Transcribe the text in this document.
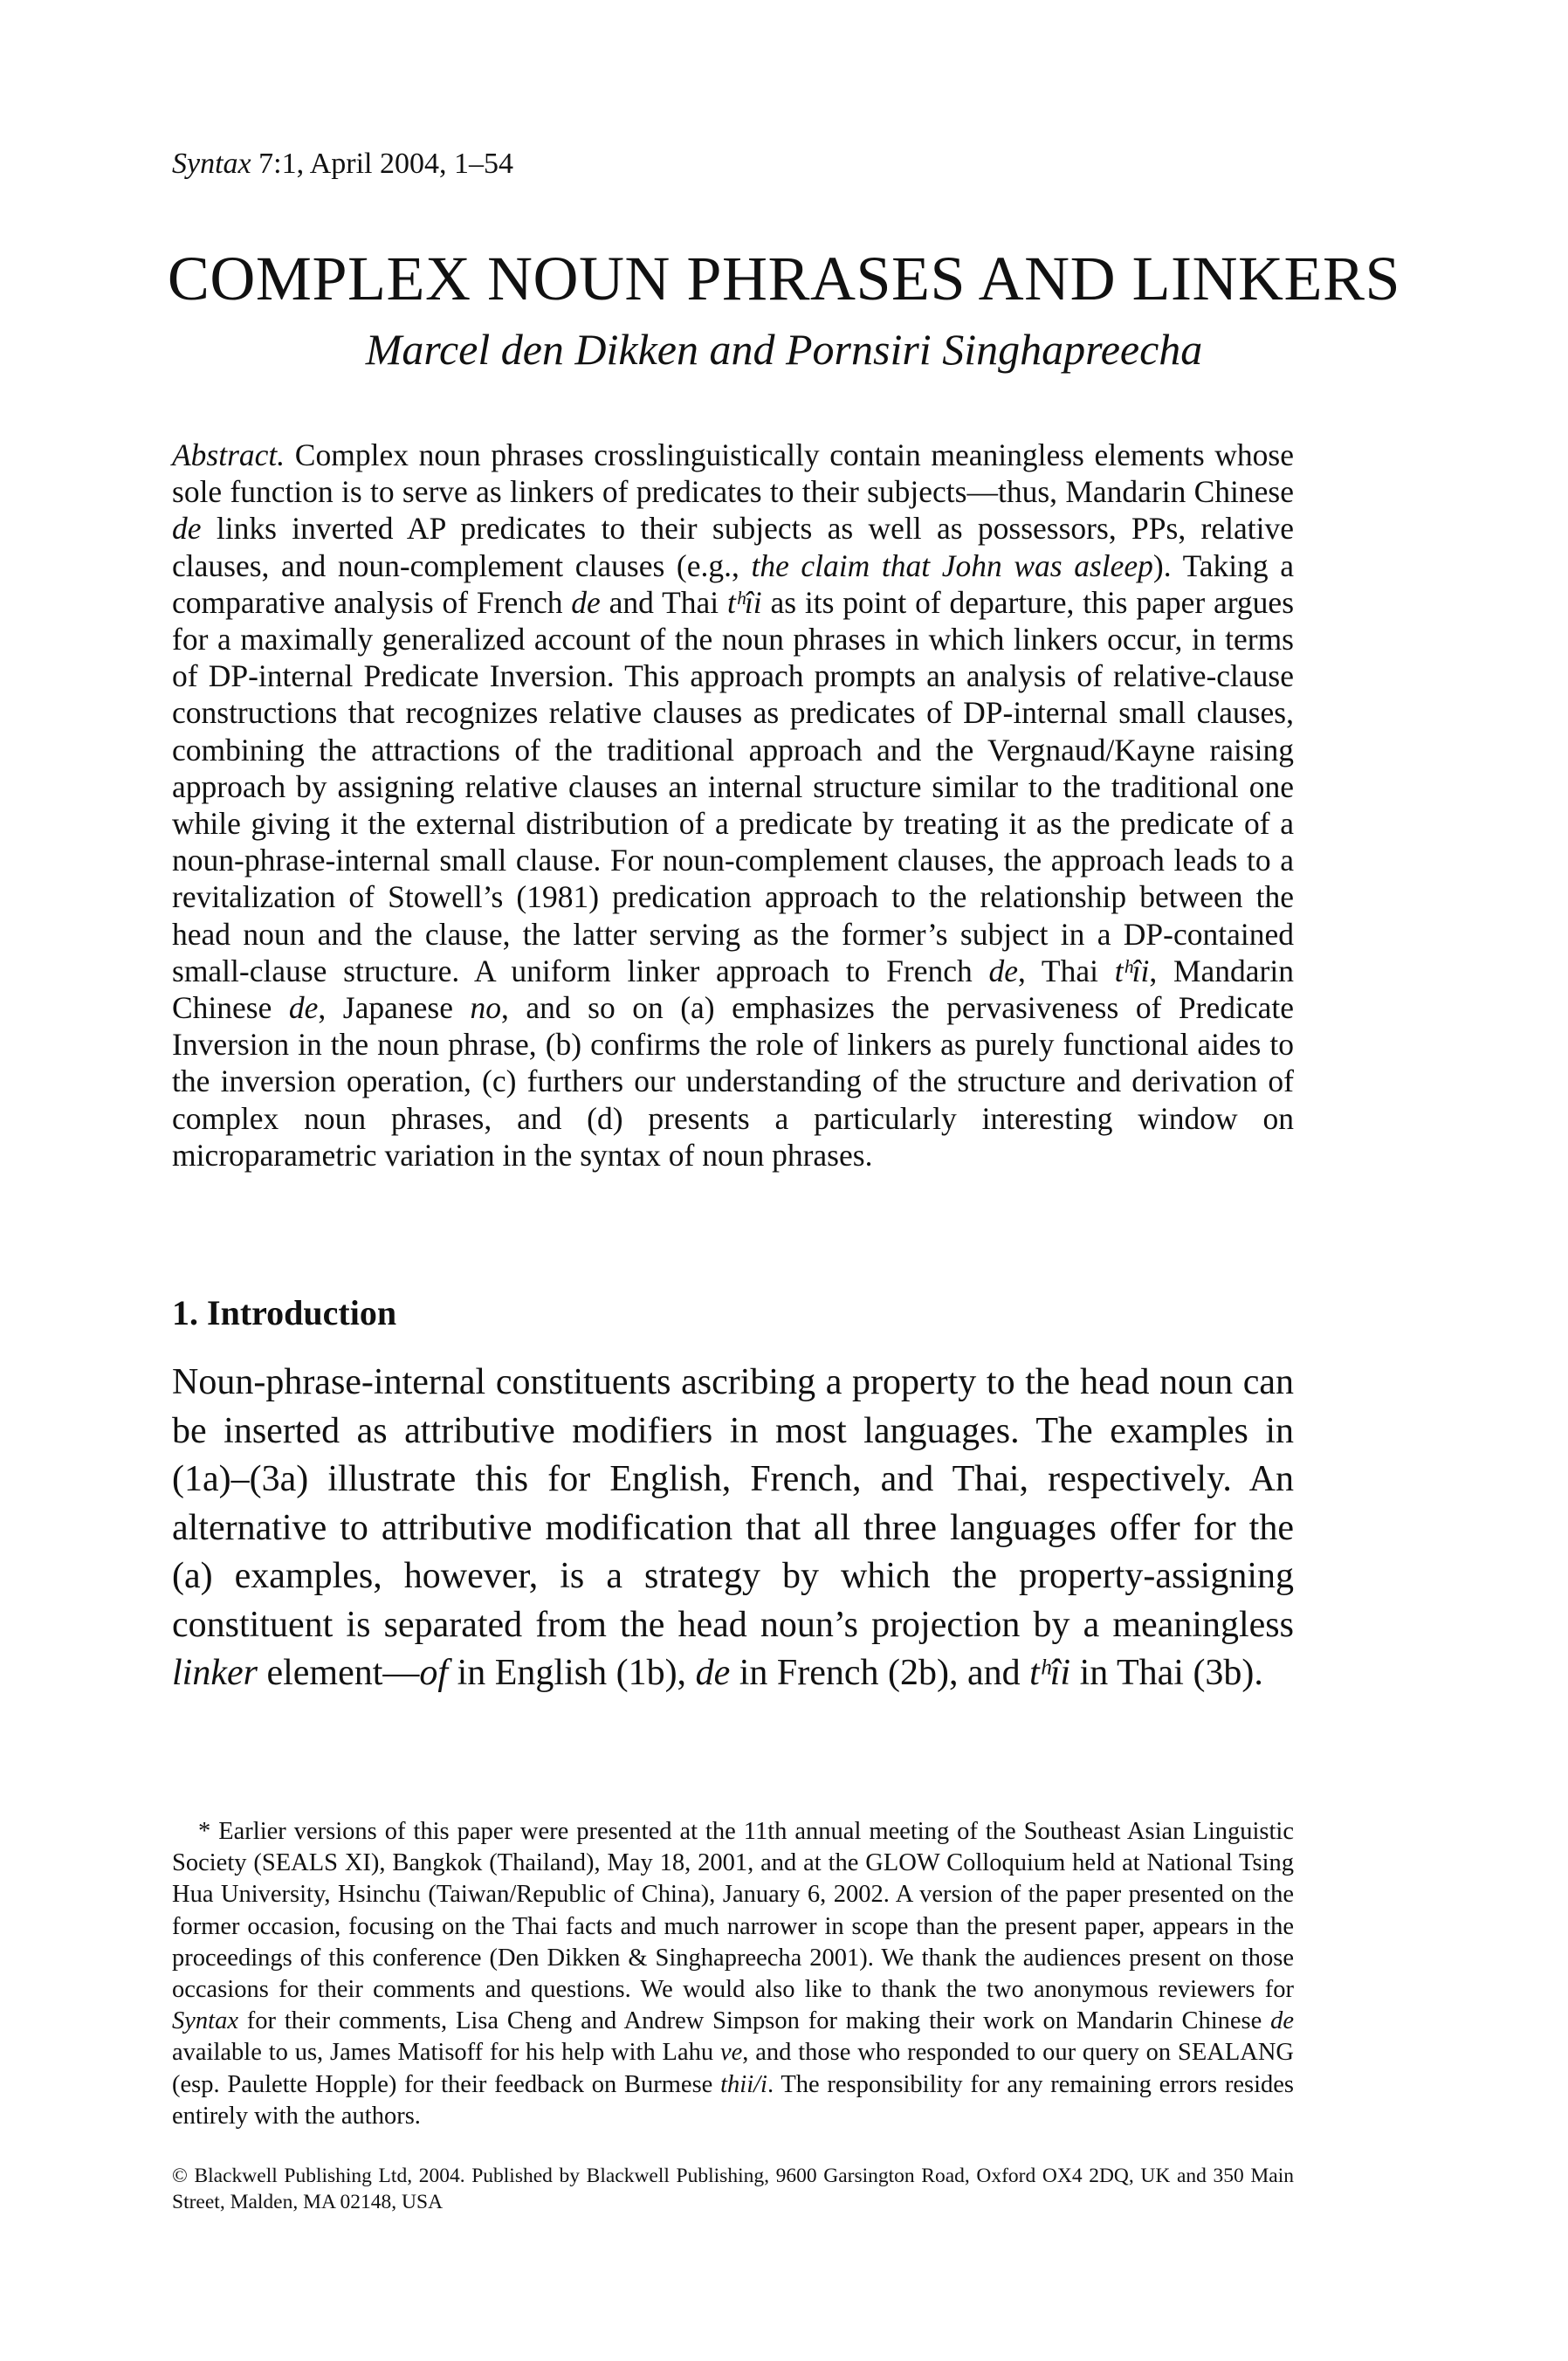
Syntax 7:1, April 2004, 1–54
COMPLEX NOUN PHRASES AND LINKERS
Marcel den Dikken and Pornsiri Singhapreecha

Abstract. Complex noun phrases crosslinguistically contain meaningless elements whose sole function is to serve as linkers of predicates to their subjects—thus, Mandarin Chinese de links inverted AP predicates to their subjects as well as possessors, PPs, relative clauses, and noun-complement clauses (e.g., the claim that John was asleep). Taking a comparative analysis of French de and Thai tʰîi as its point of departure, this paper argues for a maximally generalized account of the noun phrases in which linkers occur, in terms of DP-internal Predicate Inversion. This approach prompts an analysis of relative-clause constructions that recognizes relative clauses as predicates of DP-internal small clauses, combining the attractions of the traditional approach and the Vergnaud/Kayne raising approach by assigning relative clauses an internal structure similar to the traditional one while giving it the external distribution of a predicate by treating it as the predicate of a noun-phrase-internal small clause. For noun-complement clauses, the approach leads to a revitalization of Stowell’s (1981) predication approach to the relationship between the head noun and the clause, the latter serving as the former’s subject in a DP-contained small-clause structure. A uniform linker approach to French de, Thai tʰîi, Mandarin Chinese de, Japanese no, and so on (a) emphasizes the pervasiveness of Predicate Inversion in the noun phrase, (b) confirms the role of linkers as purely functional aides to the inversion operation, (c) furthers our understanding of the structure and derivation of complex noun phrases, and (d) presents a particularly interesting window on microparametric variation in the syntax of noun phrases.

1. Introduction

Noun-phrase-internal constituents ascribing a property to the head noun can be inserted as attributive modifiers in most languages. The examples in (1a)–(3a) illustrate this for English, French, and Thai, respectively. An alternative to attributive modification that all three languages offer for the (a) examples, however, is a strategy by which the property-assigning constituent is separated from the head noun’s projection by a meaningless linker element—of in English (1b), de in French (2b), and tʰîi in Thai (3b).

* Earlier versions of this paper were presented at the 11th annual meeting of the Southeast Asian Linguistic Society (SEALS XI), Bangkok (Thailand), May 18, 2001, and at the GLOW Colloquium held at National Tsing Hua University, Hsinchu (Taiwan/Republic of China), January 6, 2002. A version of the paper presented on the former occasion, focusing on the Thai facts and much narrower in scope than the present paper, appears in the proceedings of this conference (Den Dikken & Singhapreecha 2001). We thank the audiences present on those occasions for their comments and questions. We would also like to thank the two anonymous reviewers for Syntax for their comments, Lisa Cheng and Andrew Simpson for making their work on Mandarin Chinese de available to us, James Matisoff for his help with Lahu ve, and those who responded to our query on SEALANG (esp. Paulette Hopple) for their feedback on Burmese thii/i. The responsibility for any remaining errors resides entirely with the authors.

© Blackwell Publishing Ltd, 2004. Published by Blackwell Publishing, 9600 Garsington Road, Oxford OX4 2DQ, UK and 350 Main Street, Malden, MA 02148, USA
